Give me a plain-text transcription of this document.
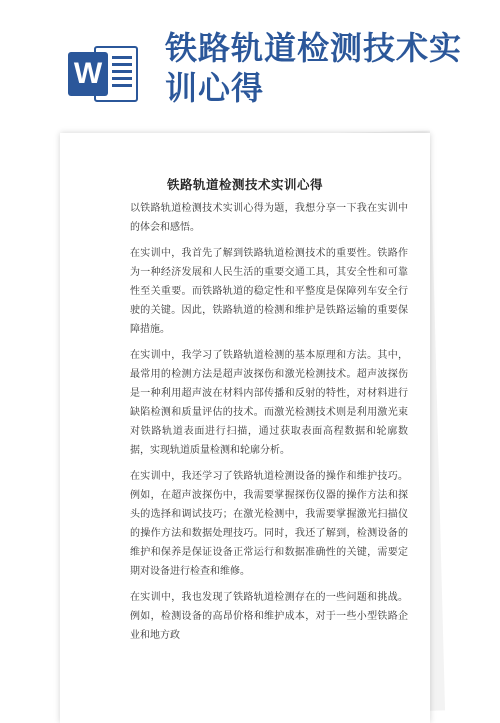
W
铁路轨道检测技术实训心得
铁路轨道检测技术实训心得

以铁路轨道检测技术实训心得为题，我想分享一下我在实训中的体会和感悟。

在实训中，我首先了解到铁路轨道检测技术的重要性。铁路作为一种经济发展和人民生活的重要交通工具，其安全性和可靠性至关重要。而铁路轨道的稳定性和平整度是保障列车安全行驶的关键。因此，铁路轨道的检测和维护是铁路运输的重要保障措施。

在实训中，我学习了铁路轨道检测的基本原理和方法。其中，最常用的检测方法是超声波探伤和激光检测技术。超声波探伤是一种利用超声波在材料内部传播和反射的特性，对材料进行缺陷检测和质量评估的技术。而激光检测技术则是利用激光束对铁路轨道表面进行扫描，通过获取表面高程数据和轮廓数据，实现轨道质量检测和轮廓分析。

在实训中，我还学习了铁路轨道检测设备的操作和维护技巧。例如，在超声波探伤中，我需要掌握探伤仪器的操作方法和探头的选择和调试技巧；在激光检测中，我需要掌握激光扫描仪的操作方法和数据处理技巧。同时，我还了解到，检测设备的维护和保养是保证设备正常运行和数据准确性的关键，需要定期对设备进行检查和维修。

在实训中，我也发现了铁路轨道检测存在的一些问题和挑战。例如，检测设备的高昂价格和维护成本，对于一些小型铁路企业和地方政
